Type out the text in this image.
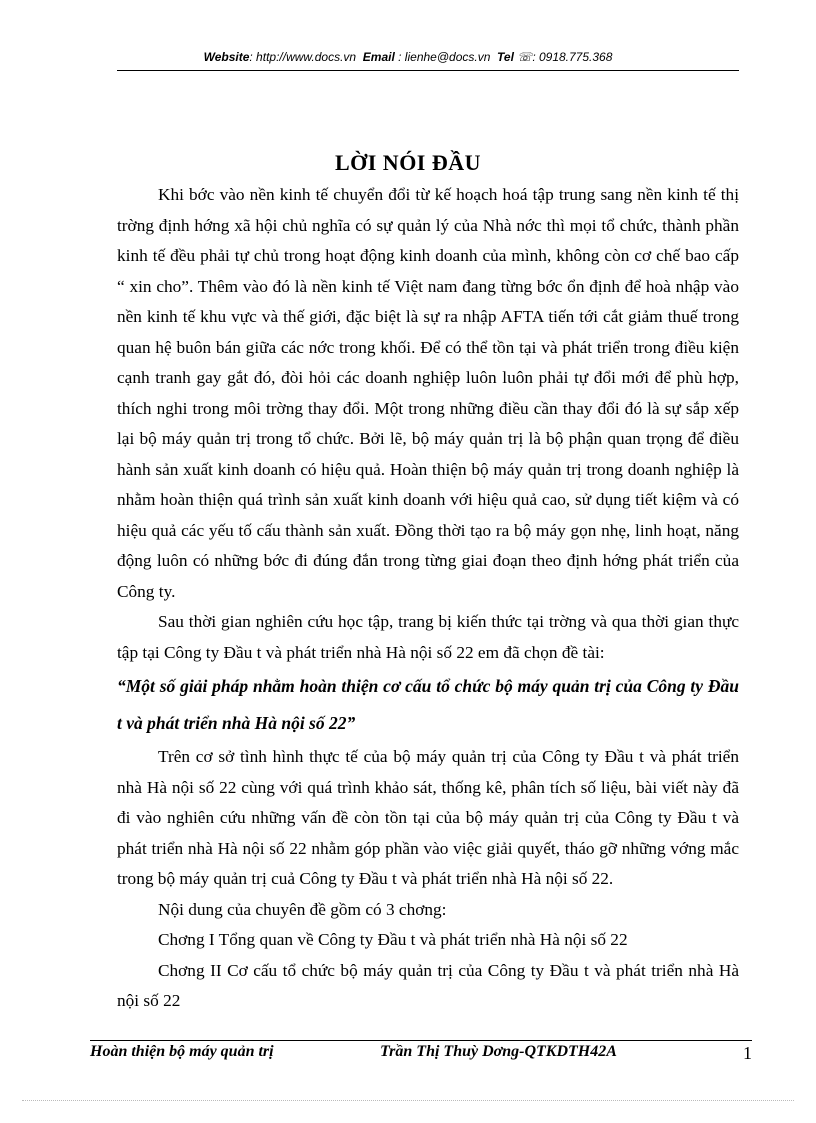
Website: http://www.docs.vn Email : lienhe@docs.vn Tel ☏: 0918.775.368
LỜI NÓI ĐẦU

Khi bớc vào nền kinh tế chuyển đổi từ kế hoạch hoá tập trung sang nền kinh tế thị trờng định hớng xã hội chủ nghĩa có sự quản lý của Nhà nớc thì mọi tổ chức, thành phần kinh tế đều phải tự chủ trong hoạt động kinh doanh của mình, không còn cơ chế bao cấp “ xin cho”. Thêm vào đó là nền kinh tế Việt nam đang từng bớc ổn định để hoà nhập vào nền kinh tế khu vực và thế giới, đặc biệt là sự ra nhập AFTA tiến tới cắt giảm thuế trong quan hệ buôn bán giữa các nớc trong khối. Để có thể tồn tại và phát triển trong điều kiện cạnh tranh gay gắt đó, đòi hỏi các doanh nghiệp luôn luôn phải tự đổi mới để phù hợp, thích nghi trong môi trờng thay đổi. Một trong những điều cần thay đổi đó là sự sắp xếp lại bộ máy quản trị trong tổ chức. Bởi lẽ, bộ máy quản trị là bộ phận quan trọng để điều hành sản xuất kinh doanh có hiệu quả. Hoàn thiện bộ máy quản trị trong doanh nghiệp là nhằm hoàn thiện quá trình sản xuất kinh doanh với hiệu quả cao, sử dụng tiết kiệm và có hiệu quả các yếu tố cấu thành sản xuất. Đồng thời tạo ra bộ máy gọn nhẹ, linh hoạt, năng động luôn có những bớc đi đúng đắn trong từng giai đoạn theo định hớng phát triển của Công ty.

Sau thời gian nghiên cứu học tập, trang bị kiến thức tại trờng và qua thời gian thực tập tại Công ty Đầu t và phát triển nhà Hà nội số 22 em đã chọn đề tài:

“Một số giải pháp nhằm hoàn thiện cơ cấu tổ chức bộ máy quản trị của Công ty Đầu t và phát triển nhà Hà nội số 22”

Trên cơ sở tình hình thực tế của bộ máy quản trị của Công ty Đầu t và phát triển nhà Hà nội số 22 cùng với quá trình khảo sát, thống kê, phân tích số liệu, bài viết này đã đi vào nghiên cứu những vấn đề còn tồn tại của bộ máy quản trị của Công ty Đầu t và phát triển nhà Hà nội số 22 nhằm góp phần vào việc giải quyết, tháo gỡ những vớng mắc trong bộ máy quản trị cuả Công ty Đầu t và phát triển nhà Hà nội số 22.

Nội dung của chuyên đề gồm có 3 chơng:

Chơng I Tổng quan về Công ty Đầu t và phát triển nhà Hà nội số 22

Chơng II Cơ cấu tổ chức bộ máy quản trị của Công ty Đầu t và phát triển nhà Hà nội số 22

Hoàn thiện bộ máy quản trị	Trần Thị Thuỳ Dơng-QTKDTH42A	1
